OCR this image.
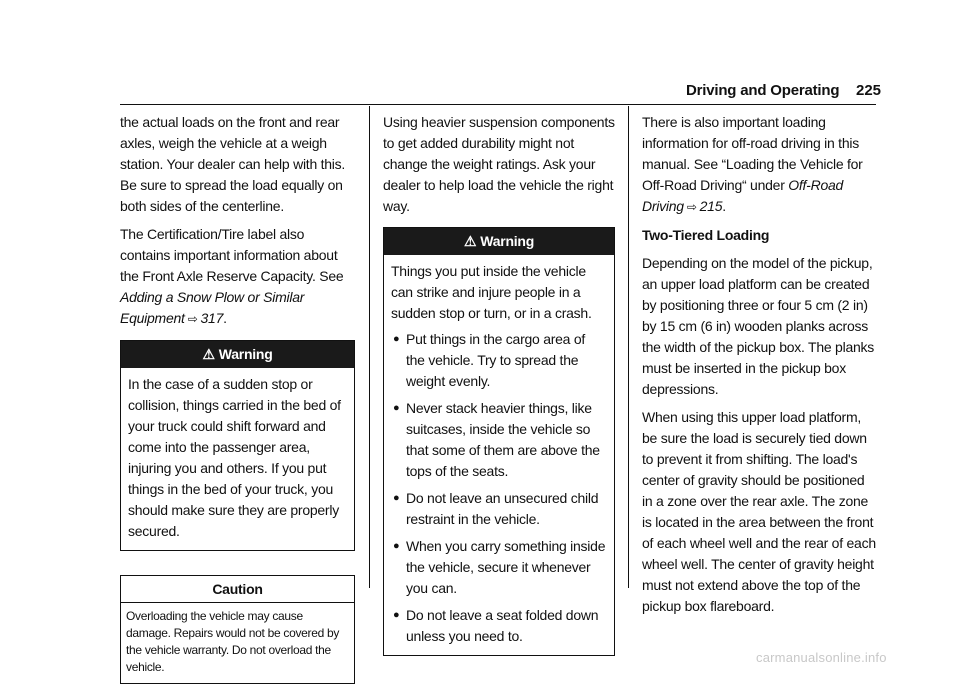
Driving and Operating 225

the actual loads on the front and rear axles, weigh the vehicle at a weigh station. Your dealer can help with this. Be sure to spread the load equally on both sides of the centerline.

The Certification/Tire label also contains important information about the Front Axle Reserve Capacity. See Adding a Snow Plow or Similar Equipment ⇨ 317.

⚠ Warning

In the case of a sudden stop or collision, things carried in the bed of your truck could shift forward and come into the passenger area, injuring you and others. If you put things in the bed of your truck, you should make sure they are properly secured.

Caution
Overloading the vehicle may cause damage. Repairs would not be covered by the vehicle warranty. Do not overload the vehicle.

Using heavier suspension components to get added durability might not change the weight ratings. Ask your dealer to help load the vehicle the right way.

⚠ Warning

Things you put inside the vehicle can strike and injure people in a sudden stop or turn, or in a crash.

● Put things in the cargo area of the vehicle. Try to spread the weight evenly.
● Never stack heavier things, like suitcases, inside the vehicle so that some of them are above the tops of the seats.
● Do not leave an unsecured child restraint in the vehicle.
● When you carry something inside the vehicle, secure it whenever you can.
● Do not leave a seat folded down unless you need to.

There is also important loading information for off-road driving in this manual. See “Loading the Vehicle for Off-Road Driving“ under Off-Road Driving ⇨ 215.

Two-Tiered Loading

Depending on the model of the pickup, an upper load platform can be created by positioning three or four 5 cm (2 in) by 15 cm (6 in) wooden planks across the width of the pickup box. The planks must be inserted in the pickup box depressions.

When using this upper load platform, be sure the load is securely tied down to prevent it from shifting. The load's center of gravity should be positioned in a zone over the rear axle. The zone is located in the area between the front of each wheel well and the rear of each wheel well. The center of gravity height must not extend above the top of the pickup box flareboard.

carmanualsonline.info
